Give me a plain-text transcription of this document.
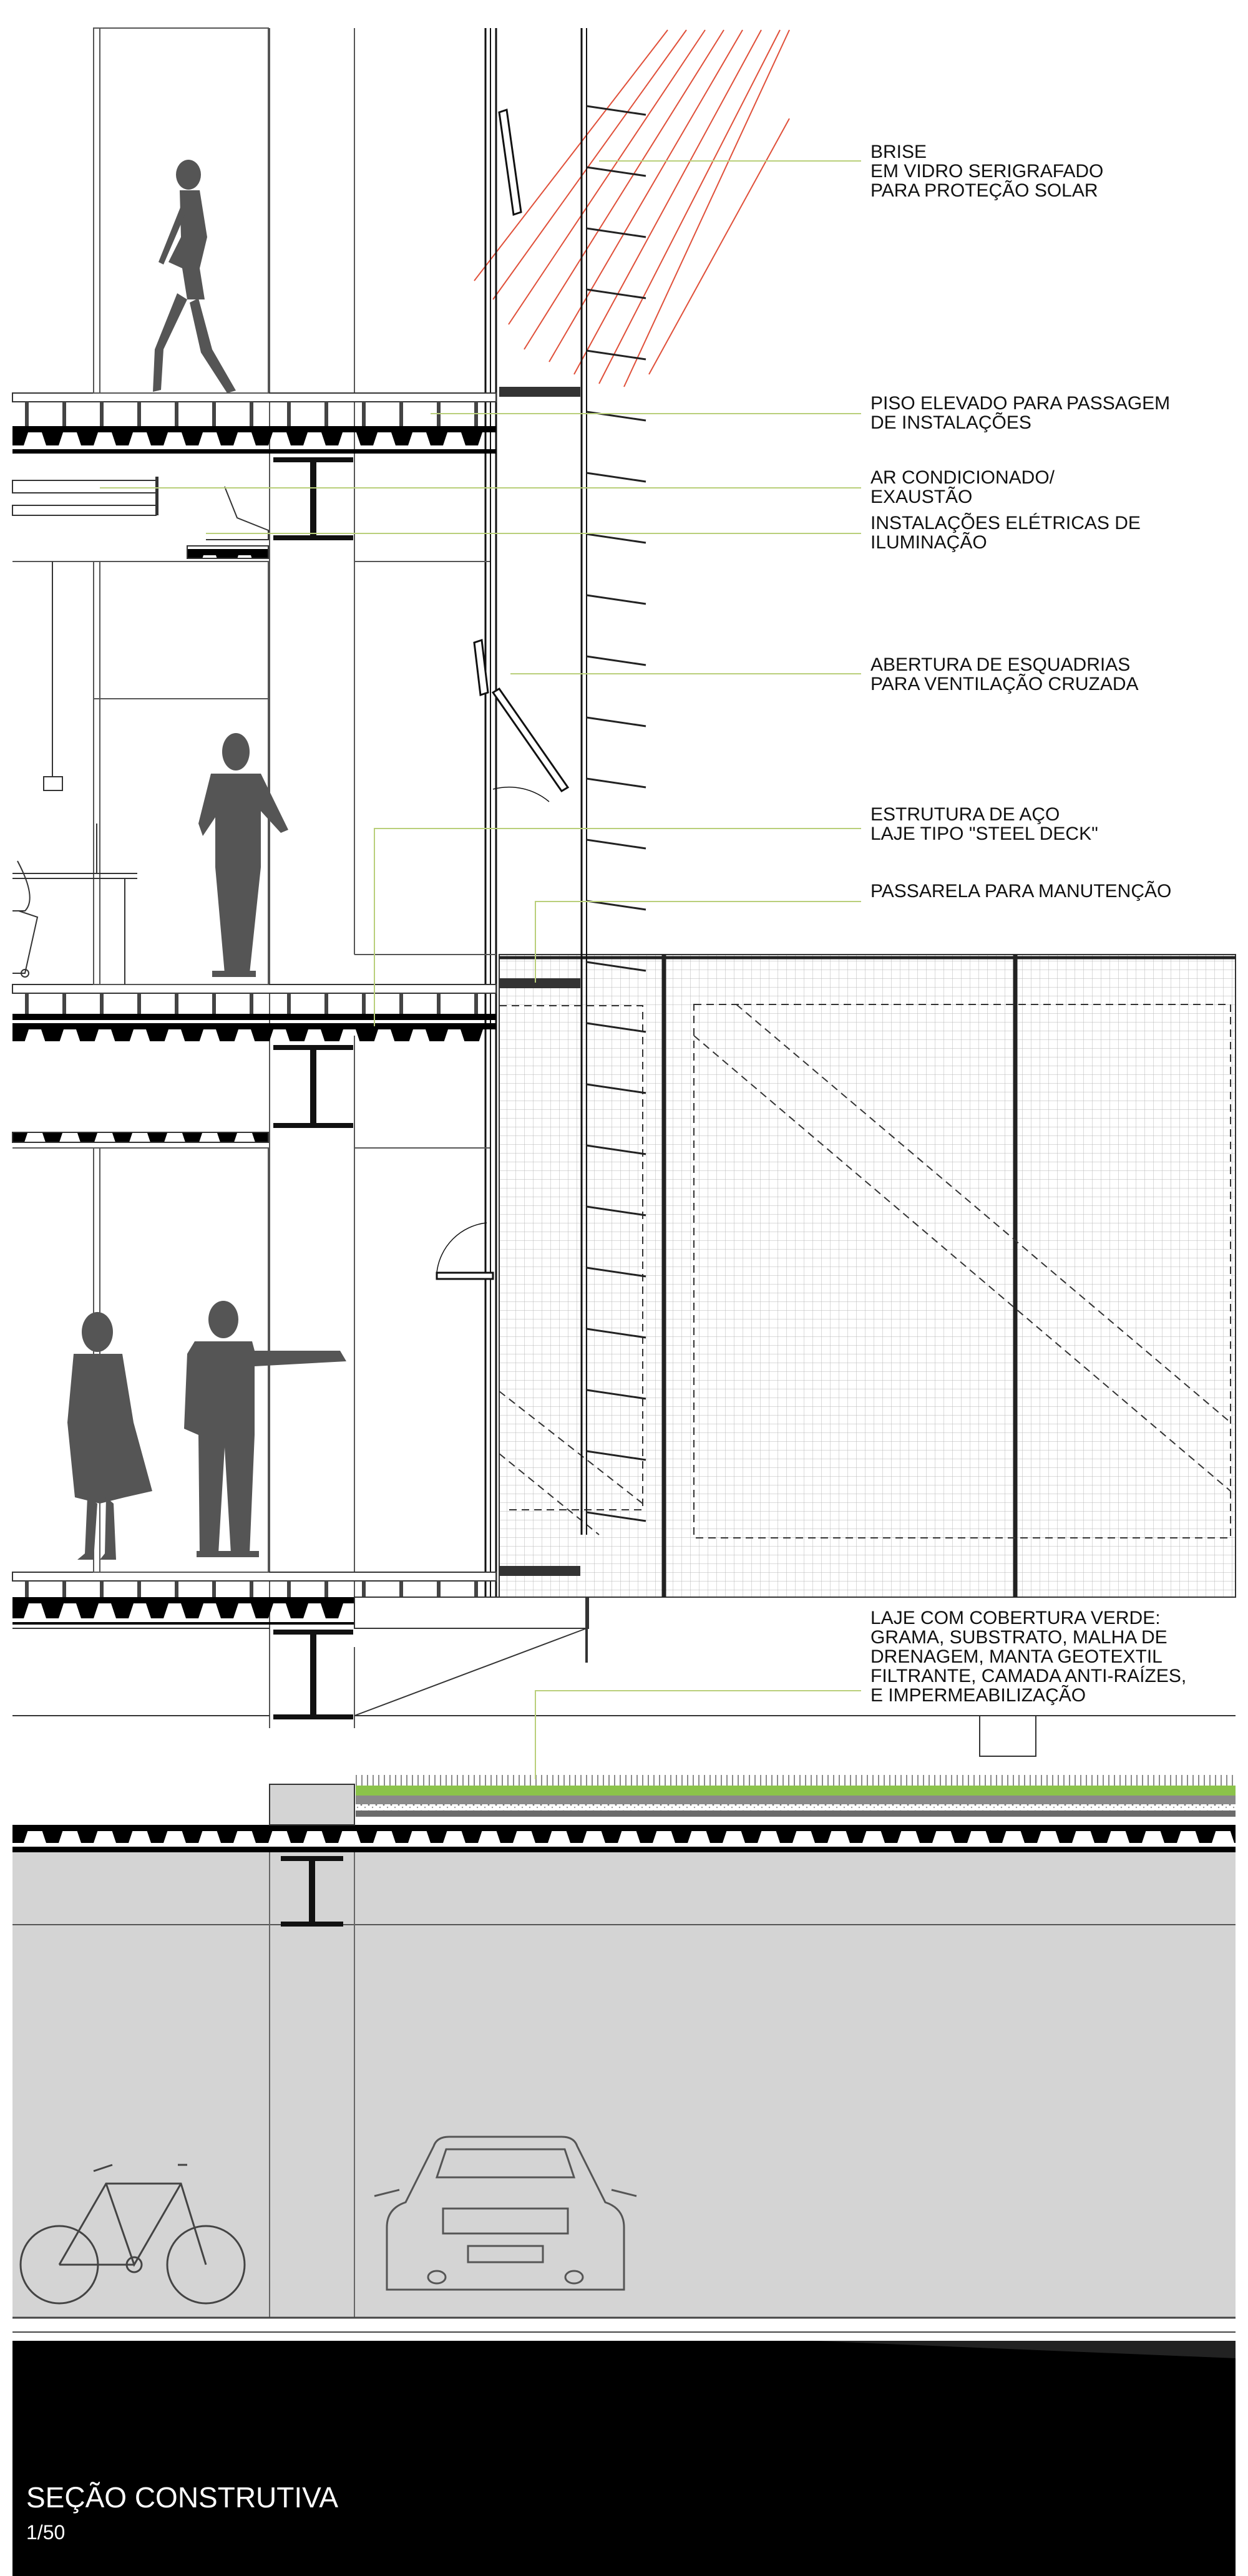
BRISE
EM VIDRO SERIGRAFADO
PARA PROTEÇÃO SOLAR
PISO ELEVADO PARA PASSAGEM
DE INSTALAÇÕES
AR CONDICIONADO/
EXAUSTÃO
INSTALAÇÕES ELÉTRICAS DE
ILUMINAÇÃO
ABERTURA DE ESQUADRIAS
PARA VENTILAÇÃO CRUZADA
ESTRUTURA DE AÇO
LAJE TIPO "STEEL DECK"
PASSARELA PARA MANUTENÇÃO
LAJE COM COBERTURA VERDE:
GRAMA, SUBSTRATO, MALHA DE
DRENAGEM, MANTA GEOTEXTIL
FILTRANTE, CAMADA ANTI-RAÍZES,
E IMPERMEABILIZAÇÃO
SEÇÃO CONSTRUTIVA
1/50
